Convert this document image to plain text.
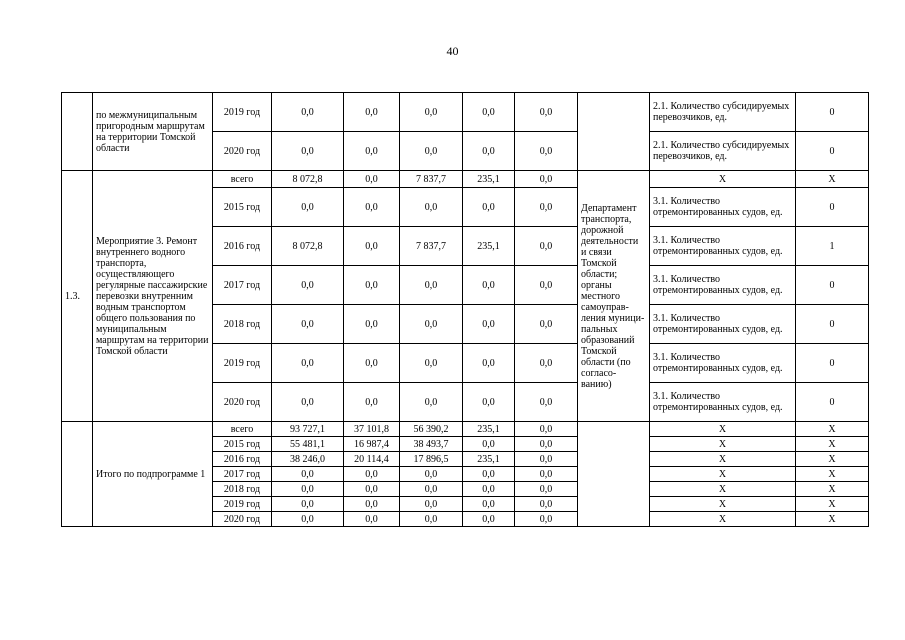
40
	по межмуниципальным пригородным маршрутам на территории Томской области	2019 год	0,0	0,0	0,0	0,0	0,0		2.1. Количество субсидируемых перевозчиков, ед.	0
		2020 год	0,0	0,0	0,0	0,0	0,0		2.1. Количество субсидируемых перевозчиков, ед.	0
1.3.	Мероприятие 3. Ремонт внутреннего водного транспорта, осуществляющего регулярные пассажирские перевозки внутренним водным транспортом общего пользования по муниципальным маршрутам на территории Томской области	всего	8 072,8	0,0	7 837,7	235,1	0,0	Департамент транспорта, дорожной деятельности и связи Томской области; органы местного самоуправ-ления муници-пальных образований Томской области (по согласо-ванию)	Х	Х
		2015 год	0,0	0,0	0,0	0,0	0,0		3.1. Количество отремонтированных судов, ед.	0
		2016 год	8 072,8	0,0	7 837,7	235,1	0,0		3.1. Количество отремонтированных судов, ед.	1
		2017 год	0,0	0,0	0,0	0,0	0,0		3.1. Количество отремонтированных судов, ед.	0
		2018 год	0,0	0,0	0,0	0,0	0,0		3.1. Количество отремонтированных судов, ед.	0
		2019 год	0,0	0,0	0,0	0,0	0,0		3.1. Количество отремонтированных судов, ед.	0
		2020 год	0,0	0,0	0,0	0,0	0,0		3.1. Количество отремонтированных судов, ед.	0
	Итого по подпрограмме 1	всего	93 727,1	37 101,8	56 390,2	235,1	0,0		Х	Х
		2015 год	55 481,1	16 987,4	38 493,7	0,0	0,0		Х	Х
		2016 год	38 246,0	20 114,4	17 896,5	235,1	0,0		Х	Х
		2017 год	0,0	0,0	0,0	0,0	0,0		Х	Х
		2018 год	0,0	0,0	0,0	0,0	0,0		Х	Х
		2019 год	0,0	0,0	0,0	0,0	0,0		Х	Х
		2020 год	0,0	0,0	0,0	0,0	0,0		Х	Х
